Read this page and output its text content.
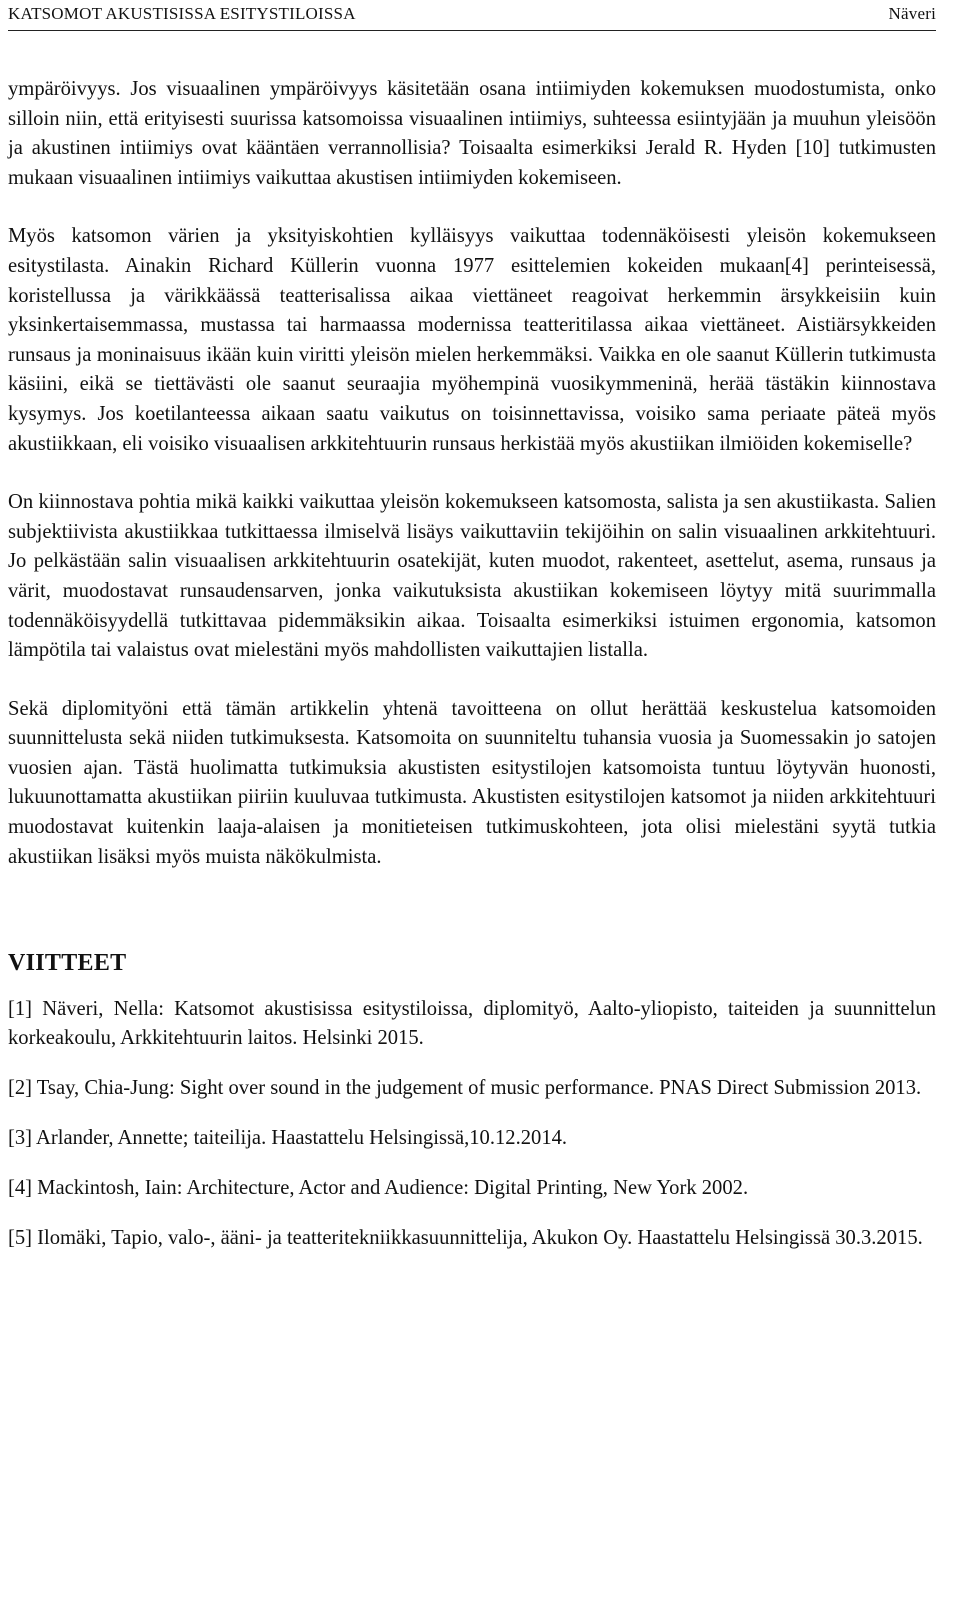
KATSOMOT AKUSTISISSA ESITYSTILOISSA	Näveri

ympäröivyys. Jos visuaalinen ympäröivyys käsitetään osana intiimiyden kokemuksen muodostumista, onko silloin niin, että erityisesti suurissa katsomoissa visuaalinen intiimiys, suhteessa esiintyjään ja muuhun yleisöön ja akustinen intiimiys ovat kääntäen verrannollisia? Toisaalta esimerkiksi Jerald R. Hyden [10] tutkimusten mukaan visuaalinen intiimiys vaikuttaa akustisen intiimiyden kokemiseen.

Myös katsomon värien ja yksityiskohtien kylläisyys vaikuttaa todennäköisesti yleisön kokemukseen esitystilasta. Ainakin Richard Küllerin vuonna 1977 esittelemien kokeiden mukaan[4] perinteisessä, koristellussa ja värikkäässä teatterisalissa aikaa viettäneet reagoivat herkemmin ärsykkeisiin kuin yksinkertaisemmassa, mustassa tai harmaassa modernissa teatteritilassa aikaa viettäneet. Aistiärsykkeiden runsaus ja moninaisuus ikään kuin viritti yleisön mielen herkemmäksi. Vaikka en ole saanut Küllerin tutkimusta käsiini, eikä se tiettävästi ole saanut seuraajia myöhempinä vuosikymmeninä, herää tästäkin kiinnostava kysymys. Jos koetilanteessa aikaan saatu vaikutus on toisinnettavissa, voisiko sama periaate päteä myös akustiikkaan, eli voisiko visuaalisen arkkitehtuurin runsaus herkistää myös akustiikan ilmiöiden kokemiselle?

On kiinnostava pohtia mikä kaikki vaikuttaa yleisön kokemukseen katsomosta, salista ja sen akustiikasta. Salien subjektiivista akustiikkaa tutkittaessa ilmiselvä lisäys vaikuttaviin tekijöihin on salin visuaalinen arkkitehtuuri. Jo pelkästään salin visuaalisen arkkitehtuurin osatekijät, kuten muodot, rakenteet, asettelut, asema, runsaus ja värit, muodostavat runsaudensarven, jonka vaikutuksista akustiikan kokemiseen löytyy mitä suurimmalla todennäköisyydellä tutkittavaa pidemmäksikin aikaa. Toisaalta esimerkiksi istuimen ergonomia, katsomon lämpötila tai valaistus ovat mielestäni myös mahdollisten vaikuttajien listalla.

Sekä diplomityöni että tämän artikkelin yhtenä tavoitteena on ollut herättää keskustelua katsomoiden suunnittelusta sekä niiden tutkimuksesta. Katsomoita on suunniteltu tuhansia vuosia ja Suomessakin jo satojen vuosien ajan. Tästä huolimatta tutkimuksia akustisten esitystilojen katsomoista tuntuu löytyvän huonosti, lukuunottamatta akustiikan piiriin kuuluvaa tutkimusta. Akustisten esitystilojen katsomot ja niiden arkkitehtuuri muodostavat kuitenkin laaja-alaisen ja monitieteisen tutkimuskohteen, jota olisi mielestäni syytä tutkia akustiikan lisäksi myös muista näkökulmista.

VIITTEET

[1] Näveri, Nella: Katsomot akustisissa esitystiloissa, diplomityö, Aalto-yliopisto, taiteiden ja suunnittelun korkeakoulu, Arkkitehtuurin laitos. Helsinki 2015.

[2] Tsay, Chia-Jung: Sight over sound in the judgement of music performance. PNAS Direct Submission 2013.

[3] Arlander, Annette; taiteilija. Haastattelu Helsingissä,10.12.2014.

[4] Mackintosh, Iain: Architecture, Actor and Audience: Digital Printing, New York 2002.

[5] Ilomäki, Tapio, valo-, ääni- ja teatteritekniikkasuunnittelija, Akukon Oy. Haastattelu Helsingissä 30.3.2015.
